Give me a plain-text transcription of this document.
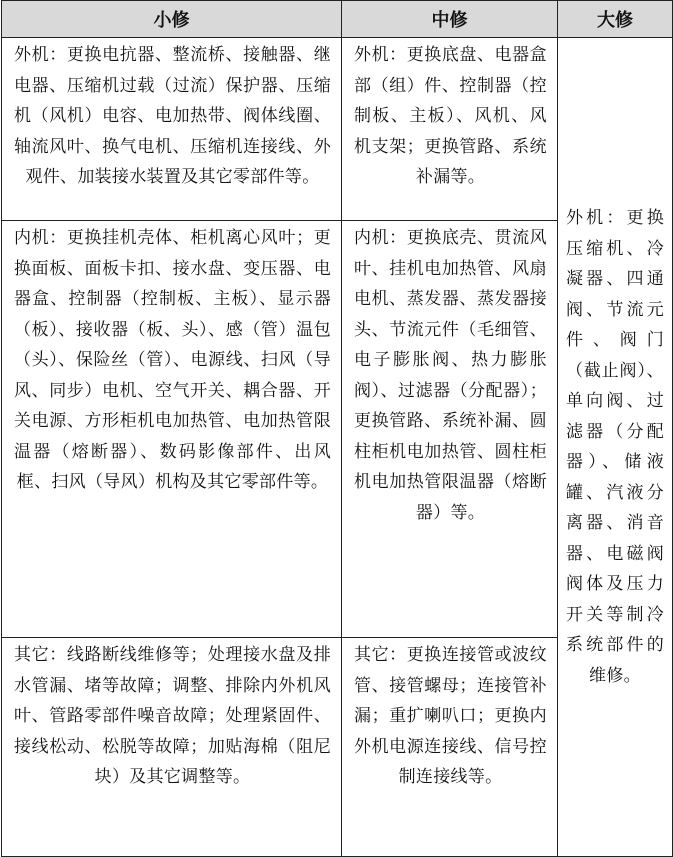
小修	中修	大修
外机：更换电抗器、整流桥、接触器、继电器、压缩机过载（过流）保护器、压缩机（风机）电容、电加热带、阀体线圈、轴流风叶、换气电机、压缩机连接线、外观件、加装接水装置及其它零部件等。	外机：更换底盘、电器盒部（组）件、控制器（控制板、主板）、风机、风机支架；更换管路、系统补漏等。	外机：更换压缩机、冷凝器、四通阀、节流元件、阀门（截止阀）、单向阀、过滤器（分配器）、储液罐、汽液分离器、消音器、电磁阀阀体及压力开关等制冷系统部件的维修。
内机：更换挂机壳体、柜机离心风叶；更换面板、面板卡扣、接水盘、变压器、电器盒、控制器（控制板、主板）、显示器（板）、接收器（板、头）、感（管）温包（头）、保险丝（管）、电源线、扫风（导风、同步）电机、空气开关、耦合器、开关电源、方形柜机电加热管、电加热管限温器（熔断器）、数码影像部件、出风框、扫风（导风）机构及其它零部件等。	内机：更换底壳、贯流风叶、挂机电加热管、风扇电机、蒸发器、蒸发器接头、节流元件（毛细管、电子膨胀阀、热力膨胀阀）、过滤器（分配器）；更换管路、系统补漏、圆柱柜机电加热管、圆柱柜机电加热管限温器（熔断器）等。	
其它：线路断线维修等；处理接水盘及排水管漏、堵等故障；调整、排除内外机风叶、管路零部件噪音故障；处理紧固件、接线松动、松脱等故障；加贴海棉（阻尼块）及其它调整等。	其它：更换连接管或波纹管、接管螺母；连接管补漏；重扩喇叭口；更换内外机电源连接线、信号控制连接线等。	
